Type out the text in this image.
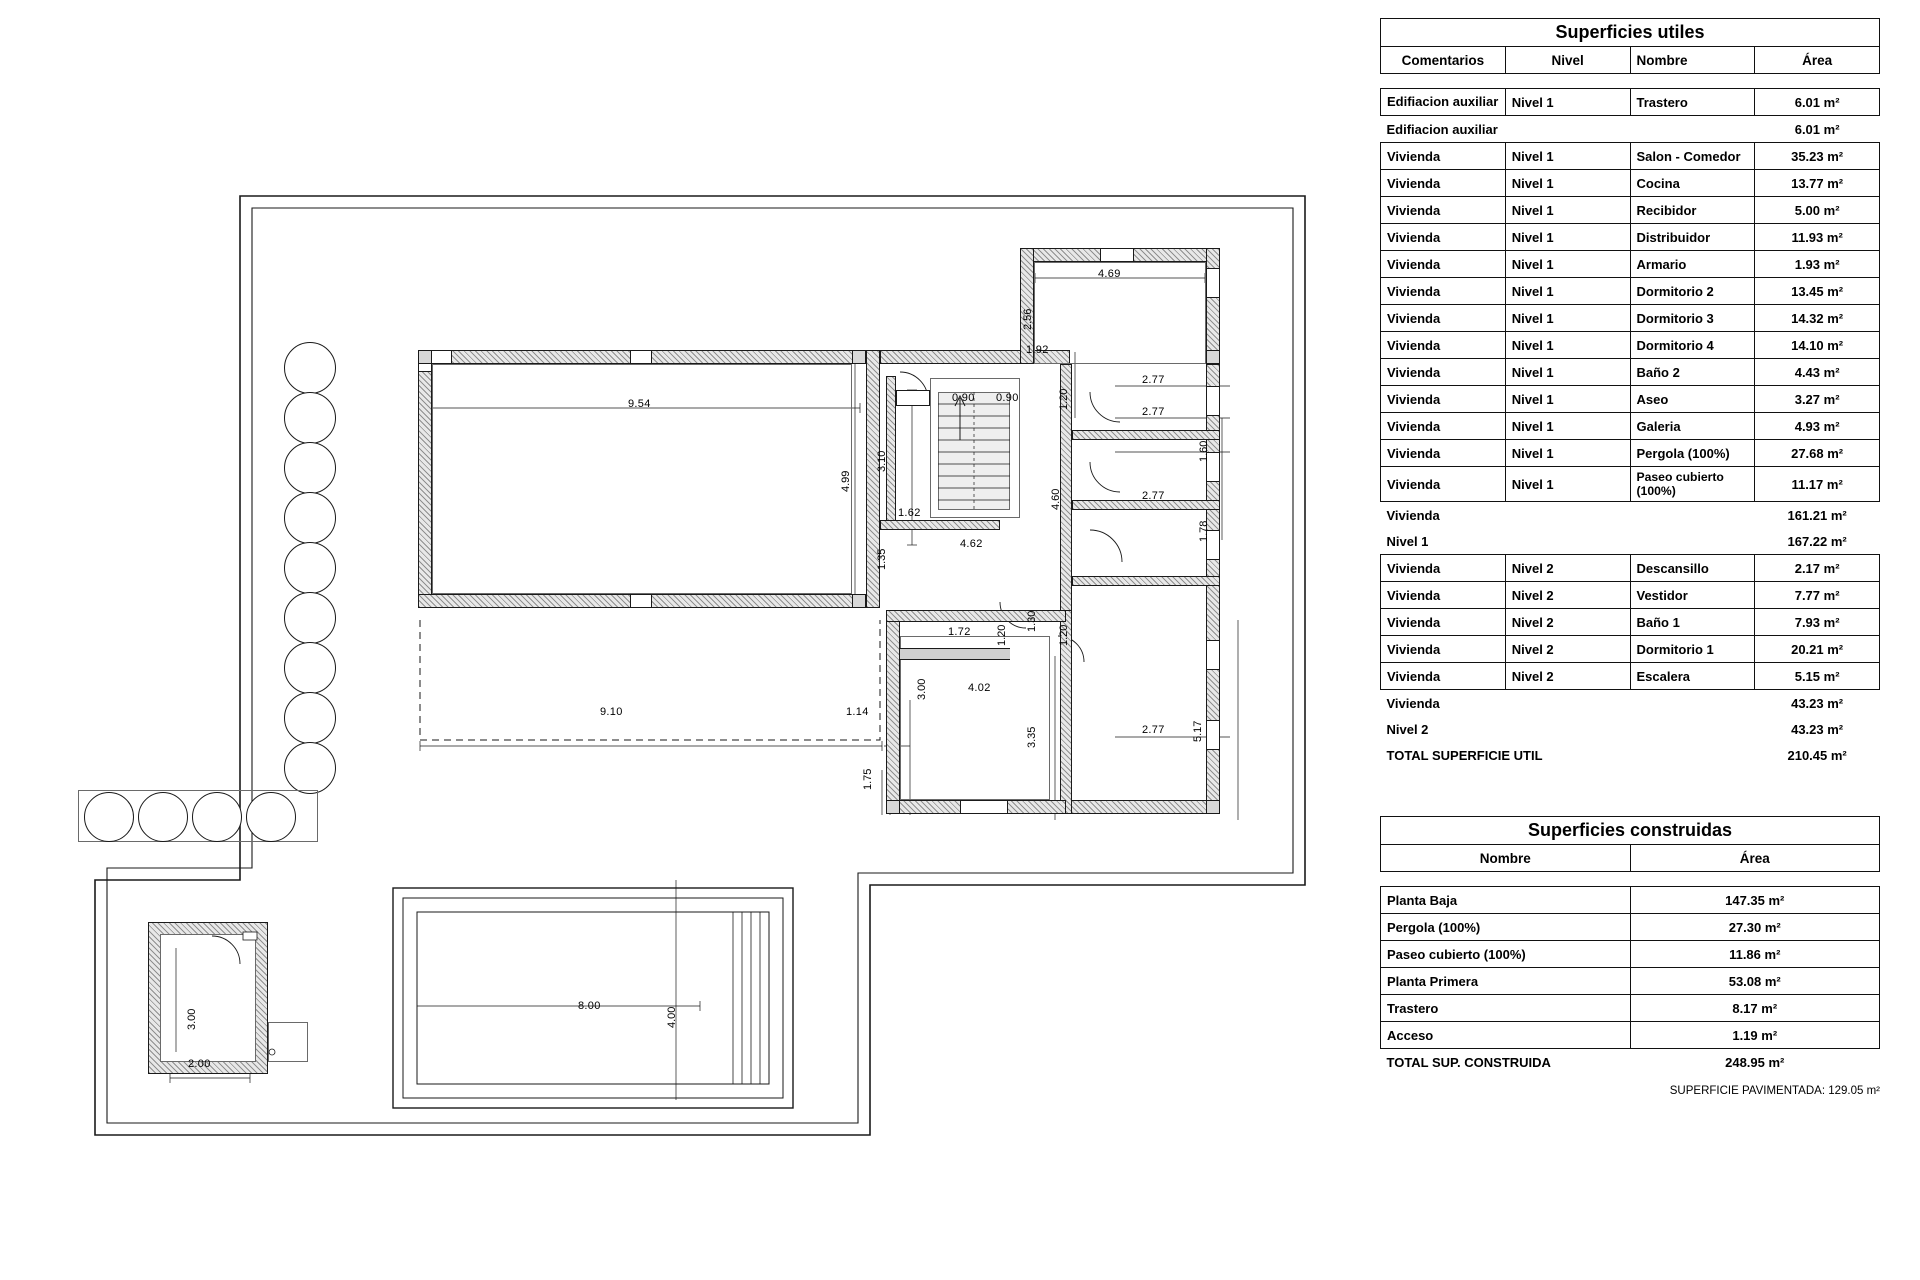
9.54
4.99
3.10
1.62
1.35
4.62
3.00
9.10	1.14
1.75
4.69
2.56
1.92
0.90 0.90	1.20
2.77
2.77
2.77
2.77
1.60
1.78
4.60
5.17
4.02
3.35
1.72 1.20
1.30
1.20
8.00
4.00
3.00
2.00
Superficies utiles			
Comentarios	Nivel	Nombre	Área

Edifiacion auxiliar	Nivel 1	Trastero	6.01 m²
Edifiacion auxiliar			6.01 m²
Vivienda	Nivel 1	Salon - Comedor	35.23 m²
Vivienda	Nivel 1	Cocina	13.77 m²
Vivienda	Nivel 1	Recibidor	5.00 m²
Vivienda	Nivel 1	Distribuidor	11.93 m²
Vivienda	Nivel 1	Armario	1.93 m²
Vivienda	Nivel 1	Dormitorio 2	13.45 m²
Vivienda	Nivel 1	Dormitorio 3	14.32 m²
Vivienda	Nivel 1	Dormitorio 4	14.10 m²
Vivienda	Nivel 1	Baño 2	4.43 m²
Vivienda	Nivel 1	Aseo	3.27 m²
Vivienda	Nivel 1	Galeria	4.93 m²
Vivienda	Nivel 1	Pergola (100%)	27.68 m²
Vivienda	Nivel 1	Paseo cubierto (100%)	11.17 m²
Vivienda			161.21 m²
Nivel 1			167.22 m²
Vivienda	Nivel 2	Descansillo	2.17 m²
Vivienda	Nivel 2	Vestidor	7.77 m²
Vivienda	Nivel 2	Baño 1	7.93 m²
Vivienda	Nivel 2	Dormitorio 1	20.21 m²
Vivienda	Nivel 2	Escalera	5.15 m²
Vivienda			43.23 m²
Nivel 2			43.23 m²
TOTAL SUPERFICIE UTIL			210.45 m²
Superficies construidas	
Nombre	Área

Planta Baja	147.35 m²
Pergola (100%)	27.30 m²
Paseo cubierto (100%)	11.86 m²
Planta Primera	53.08 m²
Trastero	8.17 m²
Acceso	1.19 m²
TOTAL SUP. CONSTRUIDA	248.95 m²
SUPERFICIE PAVIMENTADA: 129.05 m²
